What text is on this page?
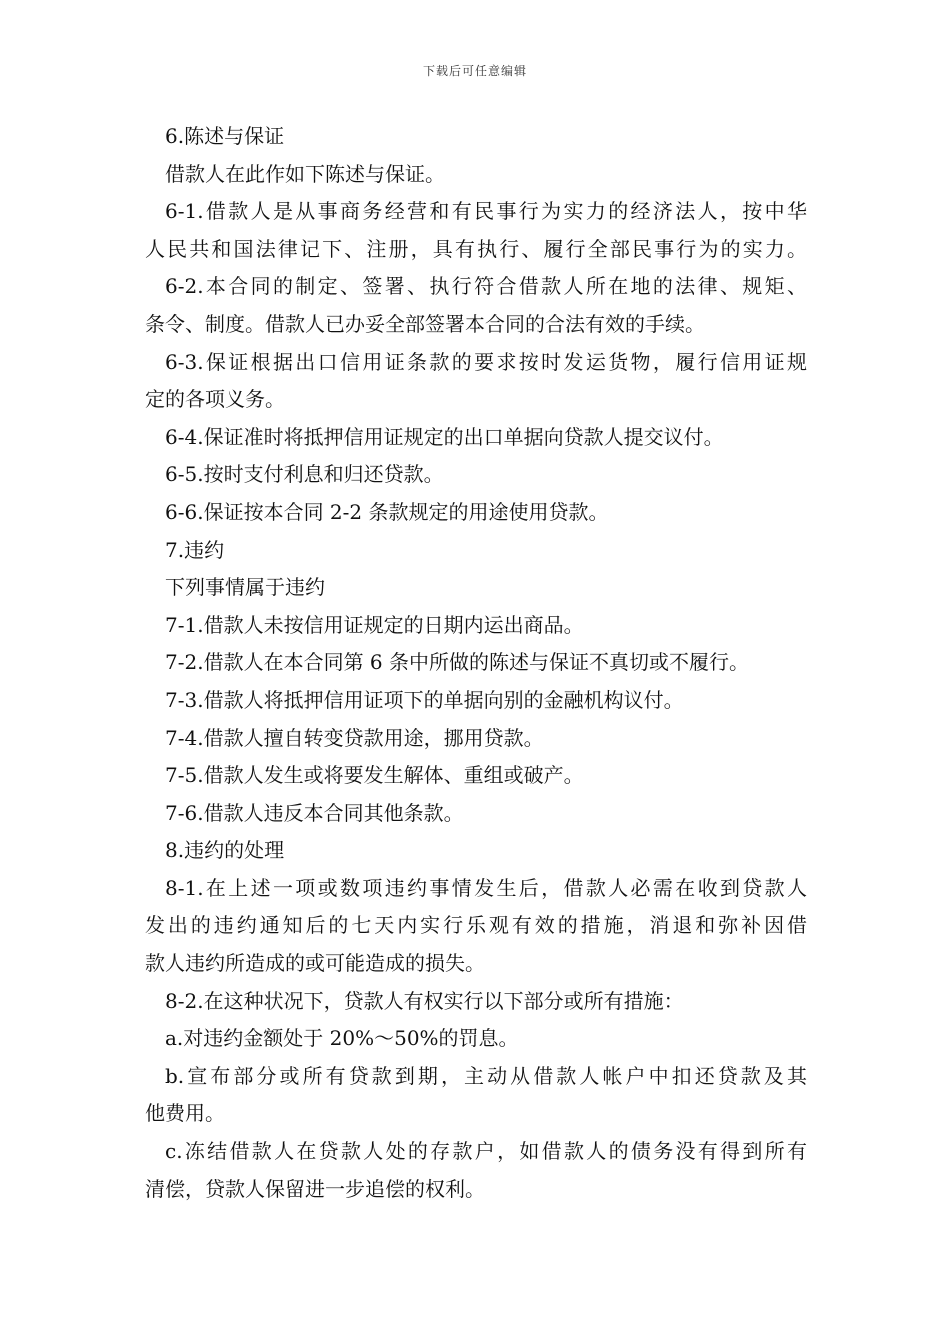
下载后可任意编辑
6.陈述与保证
借款人在此作如下陈述与保证。
6-1.借款人是从事商务经营和有民事行为实力的经济法人，按中华
人民共和国法律记下、注册，具有执行、履行全部民事行为的实力。
6-2.本合同的制定、签署、执行符合借款人所在地的法律、规矩、
条令、制度。借款人已办妥全部签署本合同的合法有效的手续。
6-3.保证根据出口信用证条款的要求按时发运货物，履行信用证规
定的各项义务。
6-4.保证准时将抵押信用证规定的出口单据向贷款人提交议付。
6-5.按时支付利息和归还贷款。
6-6.保证按本合同 2-2 条款规定的用途使用贷款。
7.违约
下列事情属于违约
7-1.借款人未按信用证规定的日期内运出商品。
7-2.借款人在本合同第 6 条中所做的陈述与保证不真切或不履行。
7-3.借款人将抵押信用证项下的单据向别的金融机构议付。
7-4.借款人擅自转变贷款用途，挪用贷款。
7-5.借款人发生或将要发生解体、重组或破产。
7-6.借款人违反本合同其他条款。
8.违约的处理
8-1.在上述一项或数项违约事情发生后，借款人必需在收到贷款人
发出的违约通知后的七天内实行乐观有效的措施，消退和弥补因借
款人违约所造成的或可能造成的损失。
8-2.在这种状况下，贷款人有权实行以下部分或所有措施：
a.对违约金额处于 20%～50%的罚息。
b.宣布部分或所有贷款到期，主动从借款人帐户中扣还贷款及其
他费用。
c.冻结借款人在贷款人处的存款户，如借款人的债务没有得到所有
清偿，贷款人保留进一步追偿的权利。
